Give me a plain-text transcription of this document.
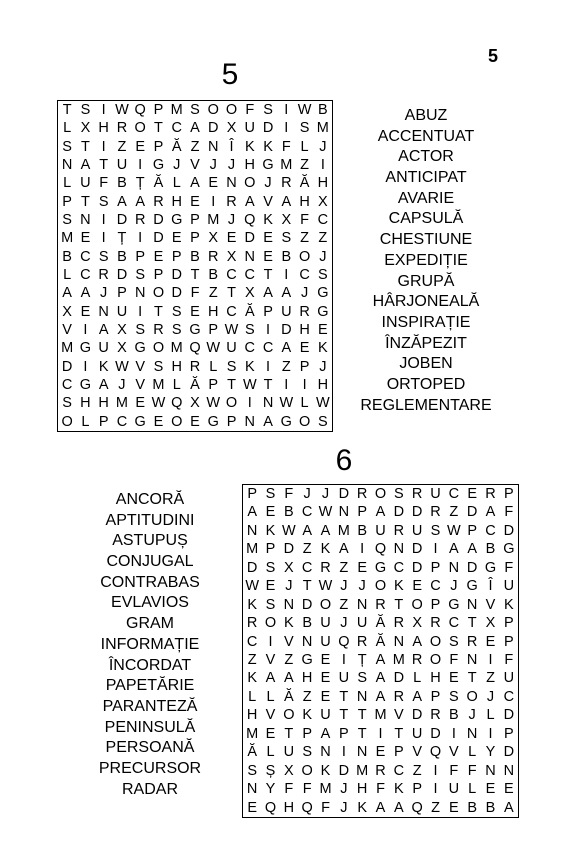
5
5
T S I W Q P M S O O F S I W B
L X H R O T C A D X U D I S M
S T I Z E P Ă Z N Î K K F L J
N A T U I G J V J J H G M Z I
L U F B Ț Ă L A E N O J R Ă H
P T S A A R H E I R A V A H X
S N I D R D G P M J Q K X F C
M E I Ț I D E P X E D E S Z Z
B C S B P E P B R X N E B O J
L C R D S P D T B C C T I C S
A A J P N O D F Z T X A A J G
X E N U I T S E H C Ă P U R G
V I A X S R S G P W S I D H E
M G U X G O M Q W U C C A E K
D I K W V S H R L S K I Z P J
C G A J V M L Ă P T W T I I H
S H H M E W Q X W O I N W L W
O L P C G E O E G P N A G O S
ABUZ
ACCENTUAT
ACTOR
ANTICIPAT
AVARIE
CAPSULĂ
CHESTIUNE
EXPEDIȚIE
GRUPĂ
HÂRJONEALĂ
INSPIRAȚIE
ÎNZĂPEZIT
JOBEN
ORTOPED
REGLEMENTARE
6
P S F J J D R O S R U C E R P
A E B C W N P A D D R Z D A F
N K W A A M B U R U S W P C D
M P D Z K A I Q N D I A A B G
D S X C R Z E G C D P N D G F
W E J T W J J O K E C J G Î U
K S N D O Z N R T O P G N V K
R O K B U J U Ă R X R C T X P
C I V N U Q R Ă N A O S R E P
Z V Z G E I Ț A M R O F N I F
K A A H E U S A D L H E T Z U
L L Ă Z E T N A R A P S O J C
H V O K U T T M V D R B J L D
M E T P A P T I T U D I N I P
Ă L U S N I N E P V Q V L Y D
S Ș X O K D M R C Z I F F N N
N Y F F M J H F K P I U L E E
E Q H Q F J K A A Q Z E B B A
ANCORĂ
APTITUDINI
ASTUPUȘ
CONJUGAL
CONTRABAS
EVLAVIOS
GRAM
INFORMAȚIE
ÎNCORDAT
PAPETĂRIE
PARANTEZĂ
PENINSULĂ
PERSOANĂ
PRECURSOR
RADAR
